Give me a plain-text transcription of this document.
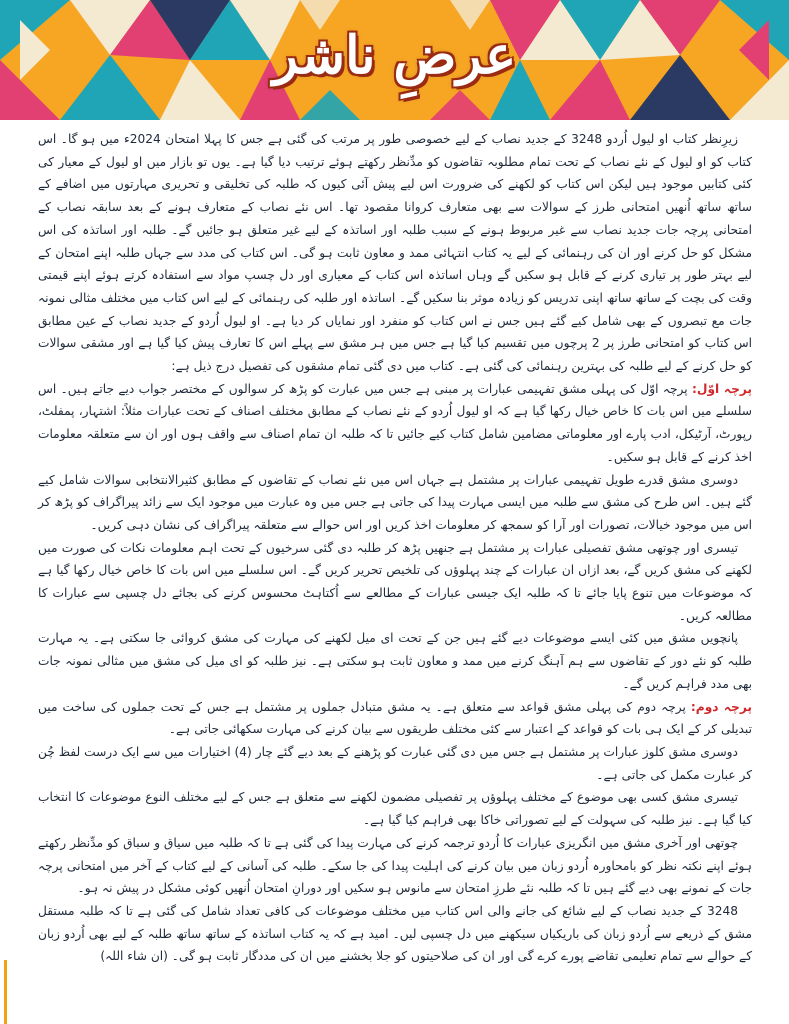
عرضِ ناشر

زیرِنظر کتاب او لیول اُردو 3248 کے جدید نصاب کے لیے خصوصی طور پر مرتب کی گئی ہے جس کا پہلا امتحان 2024ء میں ہو گا۔ اس کتاب کو او لیول کے نئے نصاب کے تحت تمام مطلوبہ تقاضوں کو مدِّنظر رکھتے ہوئے ترتیب دیا گیا ہے۔ یوں تو بازار میں او لیول کے معیار کی کئی کتابیں موجود ہیں لیکن اس کتاب کو لکھنے کی ضرورت اس لیے پیش آئی کیوں کہ طلبہ کی تخلیقی و تحریری مہارتوں میں اضافے کے ساتھ ساتھ اُنھیں امتحانی طرز کے سوالات سے بھی متعارف کروانا مقصود تھا۔ اس نئے نصاب کے متعارف ہونے کے بعد سابقہ نصاب کے امتحانی پرچہ جات جدید نصاب سے غیر مربوط ہونے کے سبب طلبہ اور اساتذہ کے لیے غیر متعلق ہو جائیں گے۔ طلبہ اور اساتذہ کی اس مشکل کو حل کرنے اور ان کی رہنمائی کے لیے یہ کتاب انتہائی ممد و معاون ثابت ہو گی۔ اس کتاب کی مدد سے جہاں طلبہ اپنے امتحان کے لیے بہتر طور پر تیاری کرنے کے قابل ہو سکیں گے وہاں اساتذہ اس کتاب کے معیاری اور دل چسپ مواد سے استفادہ کرتے ہوئے اپنے قیمتی وقت کی بچت کے ساتھ ساتھ اپنی تدریس کو زیادہ موثر بنا سکیں گے۔ اساتذہ اور طلبہ کی رہنمائی کے لیے اس کتاب میں مختلف مثالی نمونہ جات مع تبصروں کے بھی شامل کیے گئے ہیں جس نے اس کتاب کو منفرد اور نمایاں کر دیا ہے۔ او لیول اُردو کے جدید نصاب کے عین مطابق اس کتاب کو امتحانی طرز پر 2 پرچوں میں تقسیم کیا گیا ہے جس میں ہر مشق سے پہلے اس کا تعارف پیش کیا گیا ہے اور مشقی سوالات کو حل کرنے کے لیے طلبہ کی بہترین رہنمائی کی گئی ہے۔ کتاب میں دی گئی تمام مشقوں کی تفصیل درج ذیل ہے:

پرچہ اوّل: پرچہ اوّل کی پہلی مشق تفہیمی عبارات پر مبنی ہے جس میں عبارت کو پڑھ کر سوالوں کے مختصر جواب دیے جاتے ہیں۔ اس سلسلے میں اس بات کا خاص خیال رکھا گیا ہے کہ او لیول اُردو کے نئے نصاب کے مطابق مختلف اصناف کے تحت عبارات مثلاً: اشتہار، پمفلٹ، رپورٹ، آرٹیکل، ادب پارے اور معلوماتی مضامین شامل کتاب کیے جائیں تا کہ طلبہ ان تمام اصناف سے واقف ہوں اور ان سے متعلقہ معلومات اخذ کرنے کے قابل ہو سکیں۔

دوسری مشق قدرے طویل تفہیمی عبارات پر مشتمل ہے جہاں اس میں نئے نصاب کے تقاضوں کے مطابق کثیرالانتخابی سوالات شامل کیے گئے ہیں۔ اس طرح کی مشق سے طلبہ میں ایسی مہارت پیدا کی جاتی ہے جس میں وہ عبارت میں موجود ایک سے زائد پیراگراف کو پڑھ کر اس میں موجود خیالات، تصورات اور آرا کو سمجھ کر معلومات اخذ کریں اور اس حوالے سے متعلقہ پیراگراف کی نشان دہی کریں۔

تیسری اور چوتھی مشق تفصیلی عبارات پر مشتمل ہے جنھیں پڑھ کر طلبہ دی گئی سرخیوں کے تحت اہم معلومات نکات کی صورت میں لکھنے کی مشق کریں گے، بعد ازاں ان عبارات کے چند پہلوؤں کی تلخیص تحریر کریں گے۔ اس سلسلے میں اس بات کا خاص خیال رکھا گیا ہے کہ موضوعات میں تنوع پایا جائے تا کہ طلبہ ایک جیسی عبارات کے مطالعے سے اُکتاہٹ محسوس کرنے کی بجائے دل چسپی سے عبارات کا مطالعہ کریں۔

پانچویں مشق میں کئی ایسے موضوعات دیے گئے ہیں جن کے تحت ای میل لکھنے کی مہارت کی مشق کروائی جا سکتی ہے۔ یہ مہارت طلبہ کو نئے دور کے تقاضوں سے ہم آہنگ کرنے میں ممد و معاون ثابت ہو سکتی ہے۔ نیز طلبہ کو ای میل کی مشق میں مثالی نمونہ جات بھی مدد فراہم کریں گے۔

پرچہ دوم: پرچہ دوم کی پہلی مشق قواعد سے متعلق ہے۔ یہ مشق متبادل جملوں پر مشتمل ہے جس کے تحت جملوں کی ساخت میں تبدیلی کر کے ایک ہی بات کو قواعد کے اعتبار سے کئی مختلف طریقوں سے بیان کرنے کی مہارت سکھائی جاتی ہے۔

دوسری مشق کلوز عبارات پر مشتمل ہے جس میں دی گئی عبارت کو پڑھنے کے بعد دیے گئے چار (4) اختیارات میں سے ایک درست لفظ چُن کر عبارت مکمل کی جاتی ہے۔

تیسری مشق کسی بھی موضوع کے مختلف پہلوؤں پر تفصیلی مضمون لکھنے سے متعلق ہے جس کے لیے مختلف النوع موضوعات کا انتخاب کیا گیا ہے۔ نیز طلبہ کی سہولت کے لیے تصوراتی خاکا بھی فراہم کیا گیا ہے۔

چوتھی اور آخری مشق میں انگریزی عبارات کا اُردو ترجمہ کرنے کی مہارت پیدا کی گئی ہے تا کہ طلبہ میں سیاق و سباق کو مدِّنظر رکھتے ہوئے اپنے نکتہ نظر کو بامحاورہ اُردو زبان میں بیان کرنے کی اہلیت پیدا کی جا سکے۔ طلبہ کی آسانی کے لیے کتاب کے آخر میں امتحانی پرچہ جات کے نمونے بھی دیے گئے ہیں تا کہ طلبہ نئے طرزِ امتحان سے مانوس ہو سکیں اور دورانِ امتحان اُنھیں کوئی مشکل در پیش نہ ہو۔

3248 کے جدید نصاب کے لیے شائع کی جانے والی اس کتاب میں مختلف موضوعات کی کافی تعداد شامل کی گئی ہے تا کہ طلبہ مستقل مشق کے ذریعے سے اُردو زبان کی باریکیاں سیکھنے میں دل چسپی لیں۔ امید ہے کہ یہ کتاب اساتذہ کے ساتھ ساتھ طلبہ کے لیے بھی اُردو زبان کے حوالے سے تمام تعلیمی تقاضے پورے کرے گی اور ان کی صلاحیتوں کو جلا بخشنے میں ان کی مددگار ثابت ہو گی۔ (ان شاء اللہ)
